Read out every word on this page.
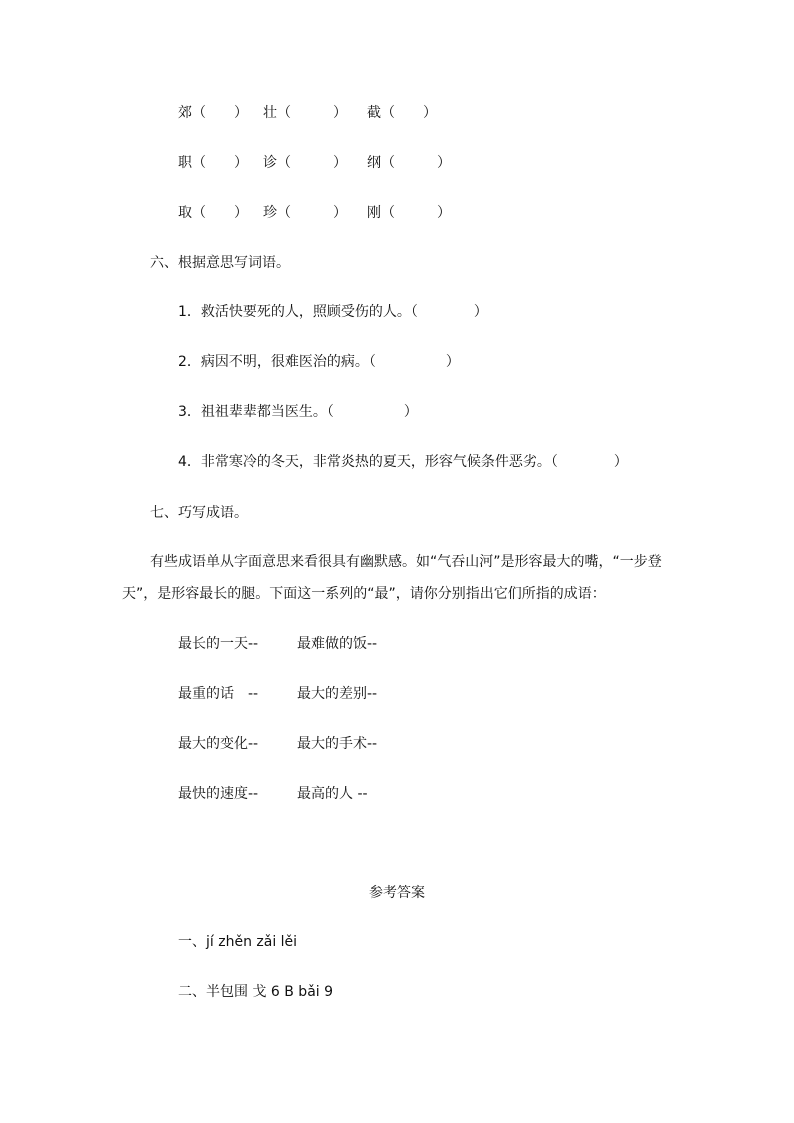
郊（　　） 壮（　　　） 截（　　）
职（　　） 诊（　　　） 纲（　　　）
取（　　） 珍（　　　） 刚（　　　）
六、根据意思写词语。
1．救活快要死的人，照顾受伤的人。（　　　　）
2．病因不明，很难医治的病。（　　　　　）
3．祖祖辈辈都当医生。（　　　　　）
4．非常寒冷的冬天，非常炎热的夏天，形容气候条件恶劣。（　　　　）
七、巧写成语。
有些成语单从字面意思来看很具有幽默感。如“气吞山河”是形容最大的嘴，“一步登
天”，是形容最长的腿。下面这一系列的“最”，请你分别指出它们所指的成语：
最长的一天--	最难做的饭--
最重的话　--	最大的差别--
最大的变化--	最大的手术--
最快的速度--	最高的人 --
参考答案
一、jí zhěn zǎi lěi
二、半包围 戈 6 B bǎi 9
